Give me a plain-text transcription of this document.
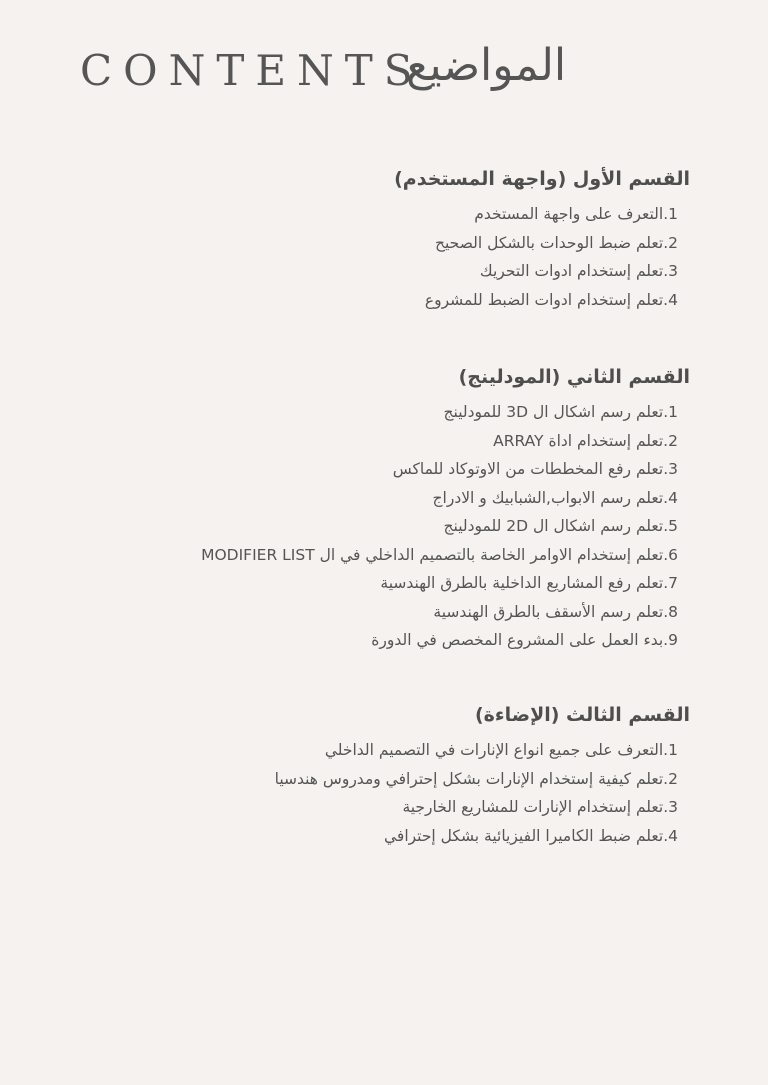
CONTENTS
المواضيع
القسم الأول (واجهة المستخدم)
1.التعرف على واجهة المستخدم
2.تعلم ضبط الوحدات بالشكل الصحيح
3.تعلم إستخدام ادوات التحريك
4.تعلم إستخدام ادوات الضبط للمشروع
القسم الثاني (المودلينج)
1.تعلم رسم اشكال ال 3D للمودلينج
2.تعلم إستخدام اداة ARRAY
3.تعلم رفع المخططات من الاوتوكاد للماكس
4.تعلم رسم الابواب,الشبابيك و الادراج
5.تعلم رسم اشكال ال 2D للمودلينج
6.تعلم إستخدام الاوامر الخاصة بالتصميم الداخلي في ال MODIFIER LIST
7.تعلم رفع المشاريع الداخلية بالطرق الهندسية
8.تعلم رسم الأسقف بالطرق الهندسية
9.بدء العمل على المشروع المخصص في الدورة
القسم الثالث (الإضاءة)
1.التعرف على جميع انواع الإنارات في التصميم الداخلي
2.تعلم كيفية إستخدام الإنارات بشكل إحترافي ومدروس هندسيا
3.تعلم إستخدام الإنارات للمشاريع الخارجية
4.تعلم ضبط الكاميرا الفيزيائية بشكل إحترافي
